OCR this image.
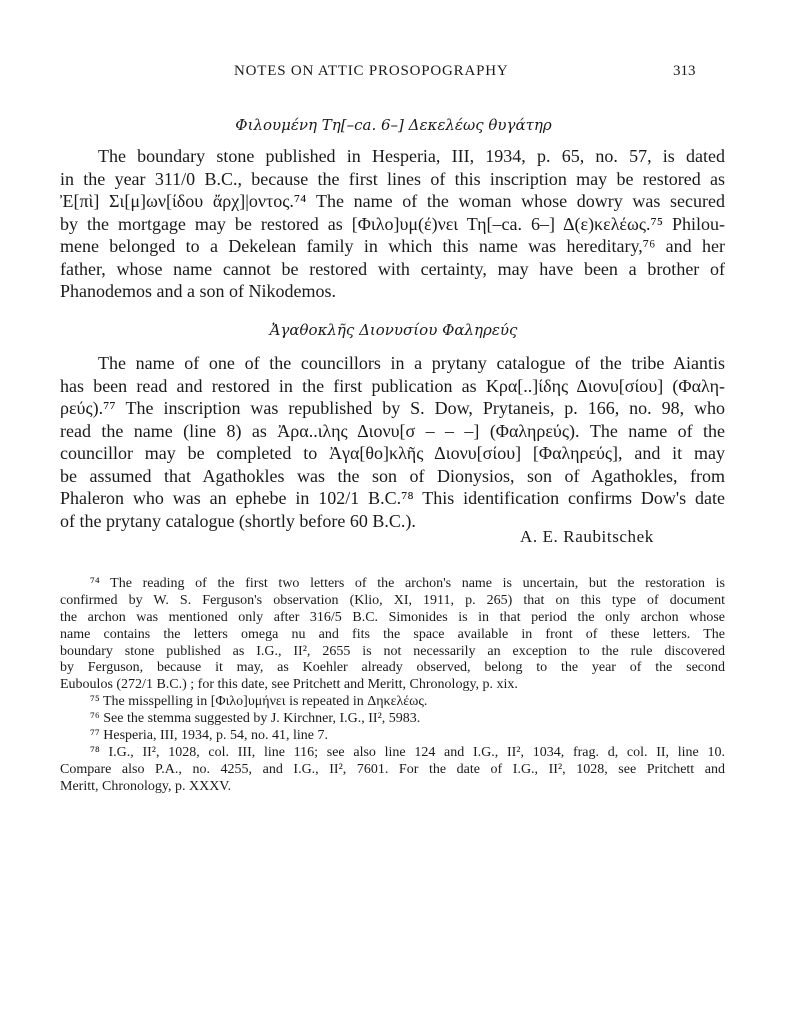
NOTES ON ATTIC PROSOPOGRAPHY	313
Φιλουμένη Τη[–ca. 6–] Δεκελέως θυγάτηρ
The boundary stone published in Hesperia, III, 1934, p. 65, no. 57, is dated
in the year 311/0 B.C., because the first lines of this inscription may be restored as
Ἐ[πὶ] Σι[μ]ων[ίδου ἄρχ]|οντος.⁷⁴ The name of the woman whose dowry was secured
by the mortgage may be restored as [Φιλο]υμ(έ)νει Τη[–ca. 6–] Δ(ε)κελέως.⁷⁵ Philou-
mene belonged to a Dekelean family in which this name was hereditary,⁷⁶ and her
father, whose name cannot be restored with certainty, may have been a brother of
Phanodemos and a son of Nikodemos.
Ἀγαθοκλῆς Διονυσίου Φαληρεύς
The name of one of the councillors in a prytany catalogue of the tribe Aiantis
has been read and restored in the first publication as Κρα[..]ίδης Διονυ[σίου] (Φαλη-
ρεύς).⁷⁷ The inscription was republished by S. Dow, Prytaneis, p. 166, no. 98, who
read the name (line 8) as Ἀρα..ιλης Διονυ[σ – – –] (Φαληρεύς). The name of the
councillor may be completed to Ἀγα[θο]κλῆς Διονυ[σίου] [Φαληρεύς], and it may
be assumed that Agathokles was the son of Dionysios, son of Agathokles, from
Phaleron who was an ephebe in 102/1 B.C.⁷⁸ This identification confirms Dow's date
of the prytany catalogue (shortly before 60 B.C.).
A. E. Raubitschek
⁷⁴ The reading of the first two letters of the archon's name is uncertain, but the restoration is
confirmed by W. S. Ferguson's observation (Klio, XI, 1911, p. 265) that on this type of document
the archon was mentioned only after 316/5 B.C. Simonides is in that period the only archon whose
name contains the letters omega nu and fits the space available in front of these letters. The
boundary stone published as I.G., II², 2655 is not necessarily an exception to the rule discovered
by Ferguson, because it may, as Koehler already observed, belong to the year of the second
Euboulos (272/1 B.C.) ; for this date, see Pritchett and Meritt, Chronology, p. xix.
⁷⁵ The misspelling in [Φιλο]υμήνει is repeated in Δηκελέως.
⁷⁶ See the stemma suggested by J. Kirchner, I.G., II², 5983.
⁷⁷ Hesperia, III, 1934, p. 54, no. 41, line 7.
⁷⁸ I.G., II², 1028, col. III, line 116; see also line 124 and I.G., II², 1034, frag. d, col. II, line 10.
Compare also P.A., no. 4255, and I.G., II², 7601. For the date of I.G., II², 1028, see Pritchett and
Meritt, Chronology, p. XXXV.
